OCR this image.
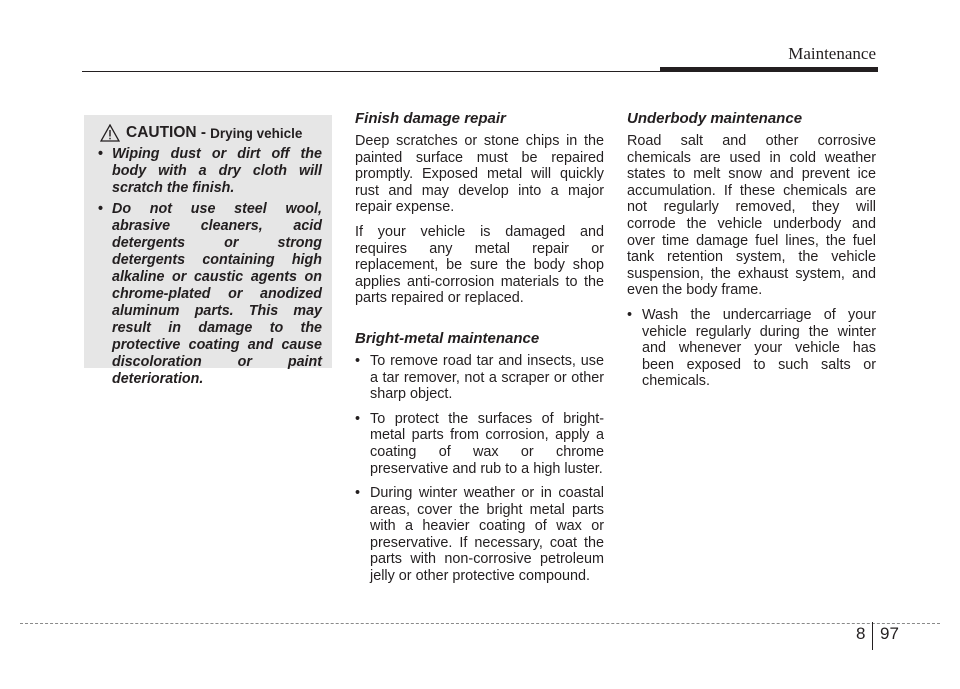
Maintenance
CAUTION - Drying vehicle
• Wiping dust or dirt off the body with a dry cloth will scratch the finish.
• Do not use steel wool, abrasive cleaners, acid detergents or strong detergents containing high alkaline or caustic agents on chrome-plated or anodized aluminum parts. This may result in damage to the protective coating and cause discoloration or paint deterioration.
Finish damage repair

Deep scratches or stone chips in the painted surface must be repaired promptly. Exposed metal will quickly rust and may develop into a major repair expense.

If your vehicle is damaged and requires any metal repair or replacement, be sure the body shop applies anti-corrosion materials to the parts repaired or replaced.

Bright-metal maintenance
• To remove road tar and insects, use a tar remover, not a scraper or other sharp object.
• To protect the surfaces of bright-metal parts from corrosion, apply a coating of wax or chrome preservative and rub to a high luster.
• During winter weather or in coastal areas, cover the bright metal parts with a heavier coating of wax or preservative. If necessary, coat the parts with non-corrosive petroleum jelly or other protective compound.
Underbody maintenance

Road salt and other corrosive chemicals are used in cold weather states to melt snow and prevent ice accumulation. If these chemicals are not regularly removed, they will corrode the vehicle underbody and over time damage fuel lines, the fuel tank retention system, the vehicle suspension, the exhaust system, and even the body frame.

• Wash the undercarriage of your vehicle regularly during the winter and whenever your vehicle has been exposed to such salts or chemicals.
8 97
